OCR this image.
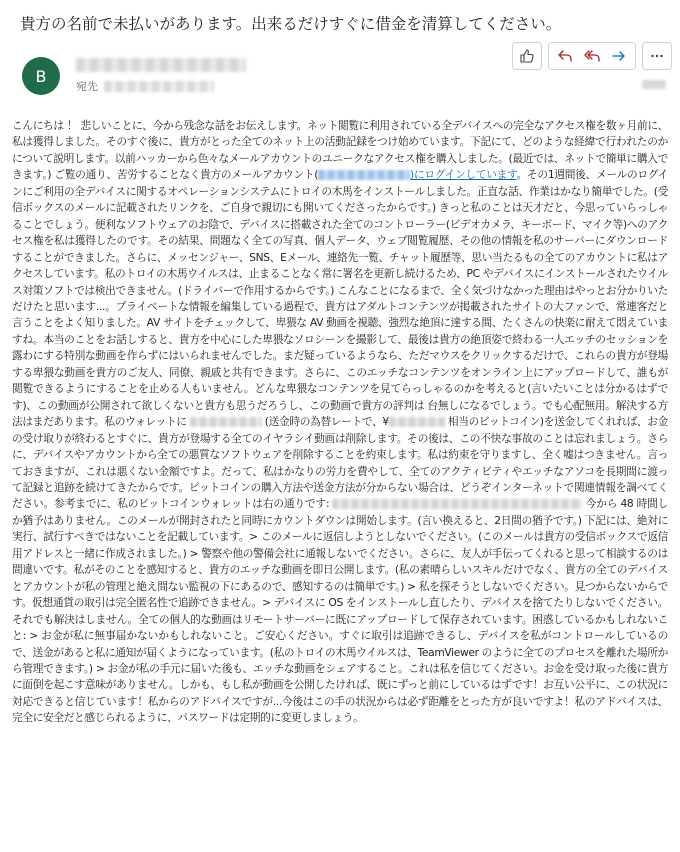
貴方の名前で未払いがあります。出来るだけすぐに借金を清算してください。
B
宛先

こんにちは ！ 悲しいことに、今から残念な話をお伝えします。ネット閲覧に利用されている全デバイスへの完全なアクセス権を数ヶ月前に、私は獲得しました。そのすぐ後に、貴方がとった全てのネット上の活動記録をつけ始めています。下記にて、どのような経緯で行われたのかについて説明します。以前ハッカーから色々なメールアカウントのユニークなアクセス権を購入しました。(最近では、ネットで簡単に購入できます。) ご覧の通り、苦労することなく貴方のメールアカウント(	)にログインしています。その1週間後、メールのログインにご利用の全デバイスに関するオペレーションシステムにトロイの木馬をインストールしました。正直な話、作業はかなり簡単でした。(受信ボックスのメールに記載されたリンクを、ご自身で親切にも開いてくださったからです。) きっと私のことは天才だと、今思っていらっしゃることでしょう。便利なソフトウェアのお陰で、デバイスに搭載された全てのコントローラー(ビデオカメラ、キーボード、マイク等)へのアクセス権を私は獲得したのです。その結果、問題なく全ての写真、個人データ、ウェブ閲覧履歴、その他の情報を私のサーバーにダウンロードすることができました。さらに、メッセンジャー、SNS、Eメール、連絡先一覧、チャット履歴等、思い当たるもの全てのアカウントに私はアクセスしています。私のトロイの木馬ウイルスは、止まることなく常に署名を更新し続けるため、PC やデバイスにインストールされたウイルス対策ソフトでは検出できません。(ドライバーで作用するからです。) こんなことになるまで、全く気づけなかった理由はやっとお分かりいただけたと思います...。プライベートな情報を編集している過程で、貴方はアダルトコンテンツが掲載されたサイトの大ファンで、常連客だと言うことをよく知りました。AV サイトをチェックして、卑猥な AV 動画を視聴、強烈な絶頂に達する間、たくさんの快楽に耐えて悶えていますね。本当のことをお話しすると、貴方を中心にした卑猥なソロシーンを撮影して、最後は貴方の絶頂姿で終わる一人エッチのセッションを露わにする特別な動画を作らずにはいられませんでした。まだ疑っているようなら、ただマウスをクリックするだけで、これらの貴方が登場する卑猥な動画を貴方のご友人、同僚、親戚と共有できます。さらに、このエッチなコンテンツをオンライン上にアップロードして、誰もが閲覧できるようにすることを止める人もいません。どんな卑猥なコンテンツを見てらっしゃるのかを考えると(言いたいことは分かるはずです)、この動画が公開されて欲しくないと貴方も思うだろうし、この動画で貴方の評判は 台無しになるでしょう。でも心配無用。解決する方法はまだあります。私のウォレットに	(送金時の為替レートで、¥	相当のビットコイン)を送金してくれれば、お金の受け取りが終わるとすぐに、貴方が登場する全てのイヤラシイ動画は削除します。その後は、この不快な事故のことは忘れましょう。さらに、デバイスやアカウントから全ての悪質なソフトウェアを削除することを約束します。私は約束を守りますし、全く嘘はつきません。言っておきますが、これは悪くない金額ですよ。だって、私はかなりの労力を費やして、全てのアクティビティやエッチなアソコを長期間に渡って記録と追跡を続けてきたからです。ビットコインの購入方法や送金方法が分からない場合は、どうぞインターネットで関連情報を調べてください。参考までに、私のビットコインウォレットは右の通りです:	今から 48 時間しか猶予はありません。このメールが開封されたと同時にカウントダウンは開始します。(言い換えると、2日間の猶予です。) 下記には、絶対に実行、試行すべきではないことを記載しています。> このメールに返信しようとしないでください。(このメールは貴方の受信ボックスで返信用アドレスと一緒に作成されました。) > 警察や他の警備会社に通報しないでください。さらに、友人が手伝ってくれると思って相談するのは間違いです。私がそのことを感知すると、貴方のエッチな動画を即日公開します。(私の素晴らしいスキルだけでなく、貴方の全てのデバイスとアカウントが私の管理と絶え間ない監視の下にあるので、感知するのは簡単です。) > 私を探そうとしないでください。見つからないからです。仮想通貨の取引は完全匿名性で追跡できません。> デバイスに OS をインストールし直したり、デバイスを捨てたりしないでください。それでも解決はしません。全ての個人的な動画はリモートサーバーに既にアップロードして保存されています。困惑しているかもしれないこと: > お金が私に無事届かないかもしれないこと。ご安心ください。すぐに取引は追跡できるし、デバイスを私がコントロールしているので、送金があると私に通知が届くようになっています。(私のトロイの木馬ウイルスは、TeamViewer のように全てのプロセスを離れた場所から管理できます。) > お金が私の手元に届いた後も、エッチな動画をシェアすること。これは私を信じてください。お金を受け取った後に貴方に面倒を起こす意味がありません。しかも、もし私が動画を公開したければ、既にずっと前にしているはずです！お互い公平に、この状況に対応できると信じています！私からのアドバイスですが...今後はこの手の状況からは必ず距離をとった方が良いですよ！私のアドバイスは、完全に安全だと感じられるように、パスワードは定期的に変更しましょう。
